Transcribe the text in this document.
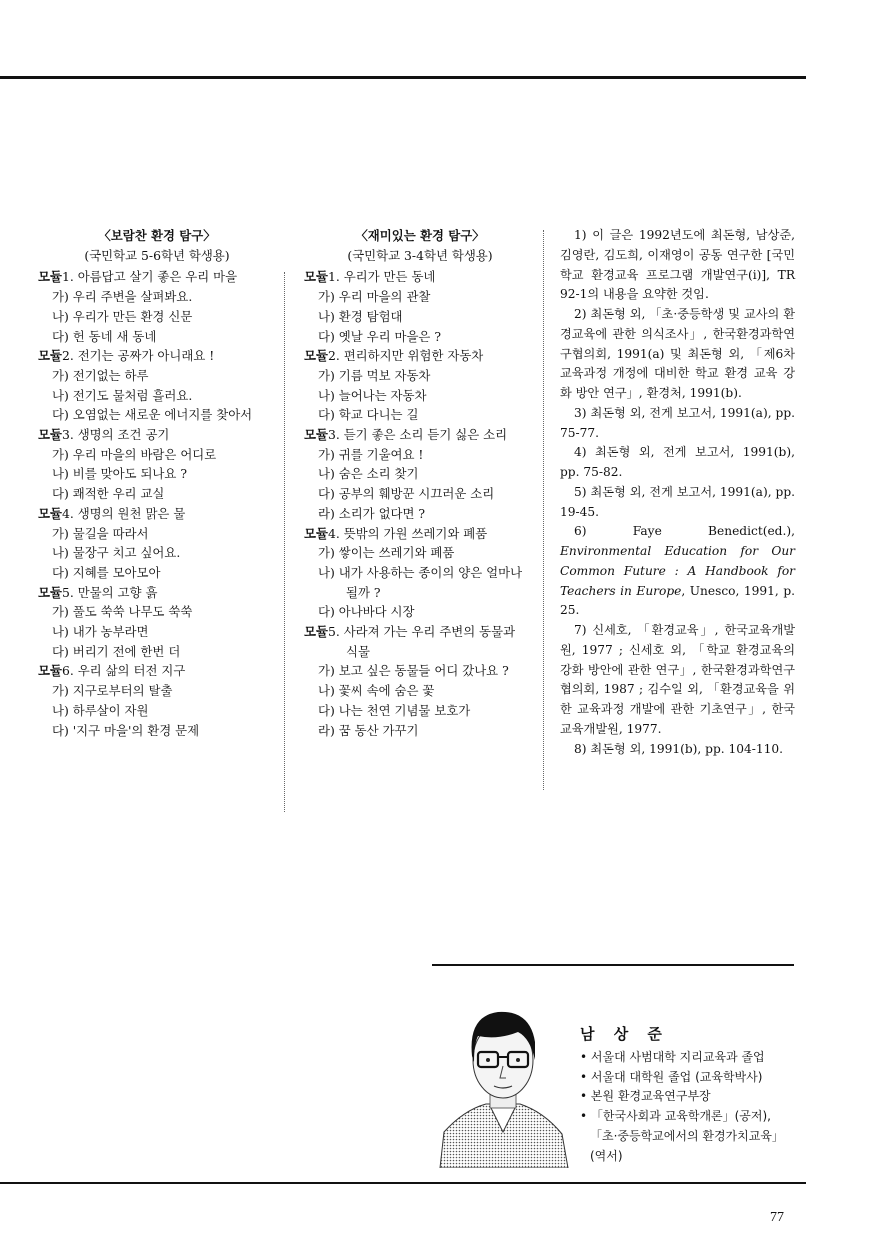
〈보람찬 환경 탐구〉
(국민학교 5-6학년 학생용)
모듈1. 아름답고 살기 좋은 우리 마을
가) 우리 주변을 살펴봐요.
나) 우리가 만든 환경 신문
다) 헌 동네 새 동네
모듈2. 전기는 공짜가 아니래요 !
가) 전기없는 하루
나) 전기도 물처럼 흘러요.
다) 오염없는 새로운 에너지를 찾아서
모듈3. 생명의 조건 공기
가) 우리 마을의 바람은 어디로
나) 비를 맞아도 되나요 ?
다) 쾌적한 우리 교실
모듈4. 생명의 원천 맑은 물
가) 물길을 따라서
나) 물장구 치고 싶어요.
다) 지혜를 모아모아
모듈5. 만물의 고향 흙
가) 풀도 쑥쑥 나무도 쑥쑥
나) 내가 농부라면
다) 버리기 전에 한번 더
모듈6. 우리 삶의 터전 지구
가) 지구로부터의 탈출
나) 하루살이 자원
다) '지구 마을'의 환경 문제
〈재미있는 환경 탐구〉
(국민학교 3-4학년 학생용)
모듈1. 우리가 만든 동네
가) 우리 마을의 관찰
나) 환경 탐험대
다) 옛날 우리 마을은 ?
모듈2. 편리하지만 위험한 자동차
가) 기름 먹보 자동차
나) 늘어나는 자동차
다) 학교 다니는 길
모듈3. 듣기 좋은 소리 듣기 싫은 소리
가) 귀를 기울여요 !
나) 숨은 소리 찾기
다) 공부의 훼방꾼 시끄러운 소리
라) 소리가 없다면 ?
모듈4. 뜻밖의 가원 쓰레기와 폐품
가) 쌓이는 쓰레기와 폐품
나) 내가 사용하는 종이의 양은 얼마나
될까 ?
다) 아나바다 시장
모듈5. 사라져 가는 우리 주변의 동물과
식물
가) 보고 싶은 동물들 어디 갔나요 ?
나) 꽃씨 속에 숨은 꽃
다) 나는 천연 기념물 보호가
라) 꿈 동산 가꾸기

1) 이 글은 1992년도에 최돈형, 남상준, 김영란, 김도희, 이재영이 공동 연구한 [국민학교 환경교육 프로그램 개발연구(i)], TR 92-1의 내용을 요약한 것임.

2) 최돈형 외, 「초·중등학생 및 교사의 환경교육에 관한 의식조사」, 한국환경과학연구협의회, 1991(a) 및 최돈형 외, 「제6차 교육과정 개정에 대비한 학교 환경 교육 강화 방안 연구」, 환경처, 1991(b).

3) 최돈형 외, 전게 보고서, 1991(a), pp. 75-77.

4) 최돈형 외, 전게 보고서, 1991(b), pp. 75-82.

5) 최돈형 외, 전게 보고서, 1991(a), pp. 19-45.

6) Faye Benedict(ed.), Environmental Education for Our Common Future : A Handbook for Teachers in Europe, Unesco, 1991, p. 25.

7) 신세호, 「환경교육」, 한국교육개발원, 1977 ; 신세호 외, 「학교 환경교육의 강화 방안에 관한 연구」, 한국환경과학연구협의회, 1987 ; 김수일 외, 「환경교육을 위한 교육과정 개발에 관한 기초연구」, 한국교육개발원, 1977.

8) 최돈형 외, 1991(b), pp. 104-110.

남 상 준
• 서울대 사범대학 지리교육과 졸업
• 서울대 대학원 졸업 (교육학박사)
• 본원 환경교육연구부장
• 「한국사회과 교육학개론」(공저),
「초·중등학교에서의 환경가치교육」
(역서)
77
